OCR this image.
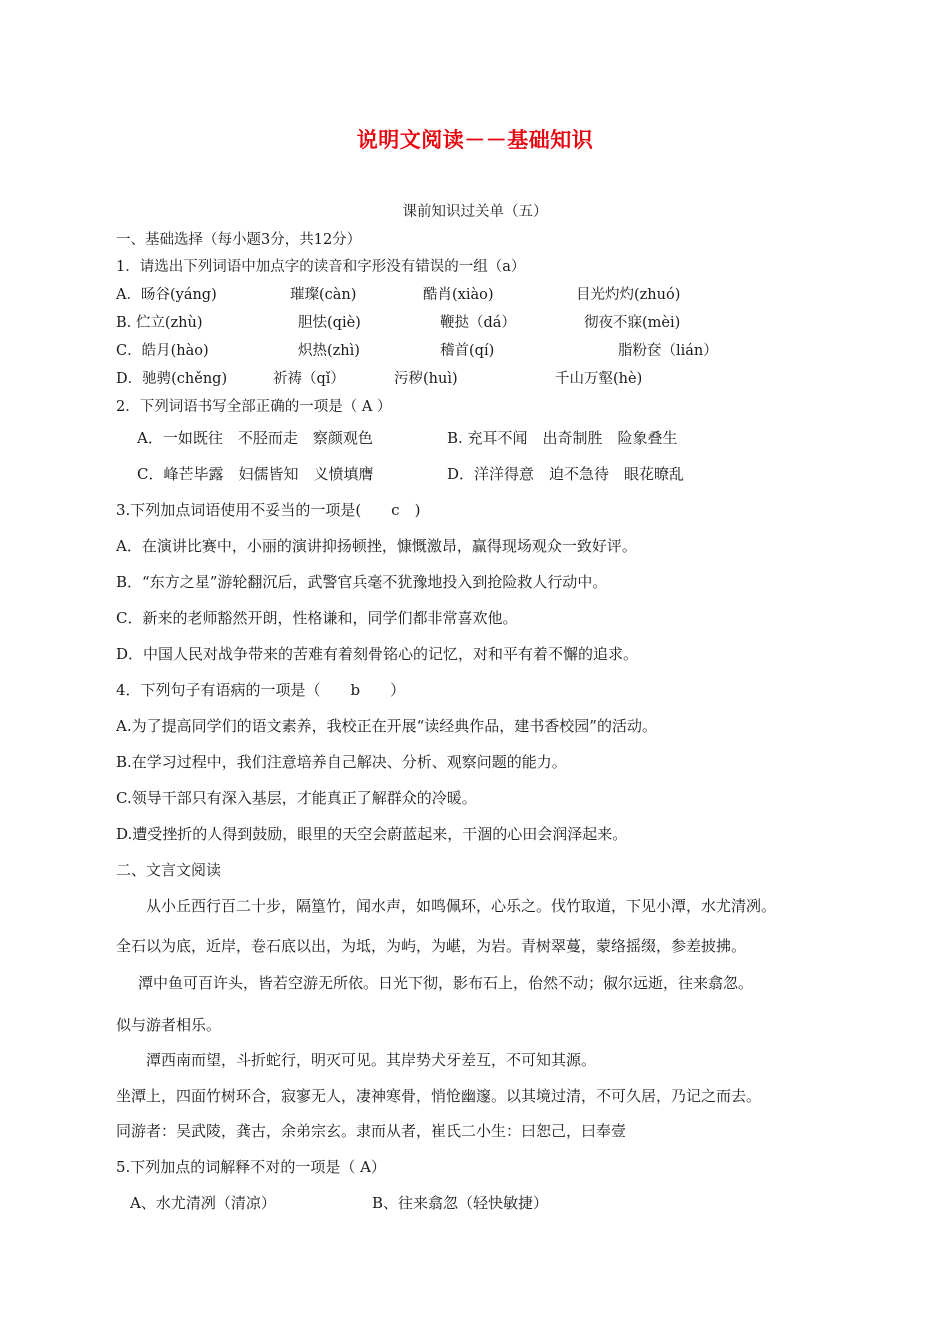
说明文阅读－－基础知识
课前知识过关单（五）
一、基础选择（每小题3分，共12分）
1．请选出下列词语中加点字的读音和字形没有错误的一组（a）
A．旸谷(yáng)	璀璨(càn)	酷肖(xiào)	目光灼灼(zhuó)
B. 伫立(zhù)	胆怯(qiè)	鞭挞（dá）	彻夜不寐(mèi)
C．皓月(hào)	炽热(zhì)	稽首(qí)	脂粉奁（lián）
D．驰骋(chěng)	祈祷（qǐ）	污秽(huì)	千山万壑(hè)
2．下列词语书写全部正确的一项是（ A ）
A．一如既往　不胫而走　察颜观色	B. 充耳不闻　出奇制胜　险象叠生
C．峰芒毕露　妇儒皆知　义愤填膺	D．洋洋得意　迫不急待　眼花暸乱
3.下列加点词语使用不妥当的一项是(　　c　)
A．在演讲比赛中，小丽的演讲抑扬顿挫，慷慨激昂，赢得现场观众一致好评。
B．“东方之星”游轮翻沉后，武警官兵毫不犹豫地投入到抢险救人行动中。
C．新来的老师豁然开朗，性格谦和，同学们都非常喜欢他。
D．中国人民对战争带来的苦难有着刻骨铭心的记忆，对和平有着不懈的追求。
4．下列句子有语病的一项是（　　b　　）
A.为了提高同学们的语文素养，我校正在开展“读经典作品，建书香校园”的活动。
B.在学习过程中，我们注意培养自己解决、分析、观察问题的能力。
C.领导干部只有深入基层，才能真正了解群众的冷暖。
D.遭受挫折的人得到鼓励，眼里的天空会蔚蓝起来，干涸的心田会润泽起来。
二、文言文阅读
从小丘西行百二十步，隔篁竹，闻水声，如鸣佩环，心乐之。伐竹取道，下见小潭，水尤清冽。
全石以为底，近岸，卷石底以出，为坻，为屿，为嵁，为岩。青树翠蔓，蒙络摇缀，参差披拂。
潭中鱼可百许头，皆若空游无所依。日光下彻，影布石上，佁然不动；俶尔远逝，往来翕忽。
似与游者相乐。
潭西南而望，斗折蛇行，明灭可见。其岸势犬牙差互，不可知其源。
坐潭上，四面竹树环合，寂寥无人，凄神寒骨，悄怆幽邃。以其境过清，不可久居，乃记之而去。
同游者：吴武陵，龚古，余弟宗玄。隶而从者，崔氏二小生：曰恕己，曰奉壹
5.下列加点的词解释不对的一项是（ A）
A、水尤清冽（清凉）	B、往来翕忽（轻快敏捷）
